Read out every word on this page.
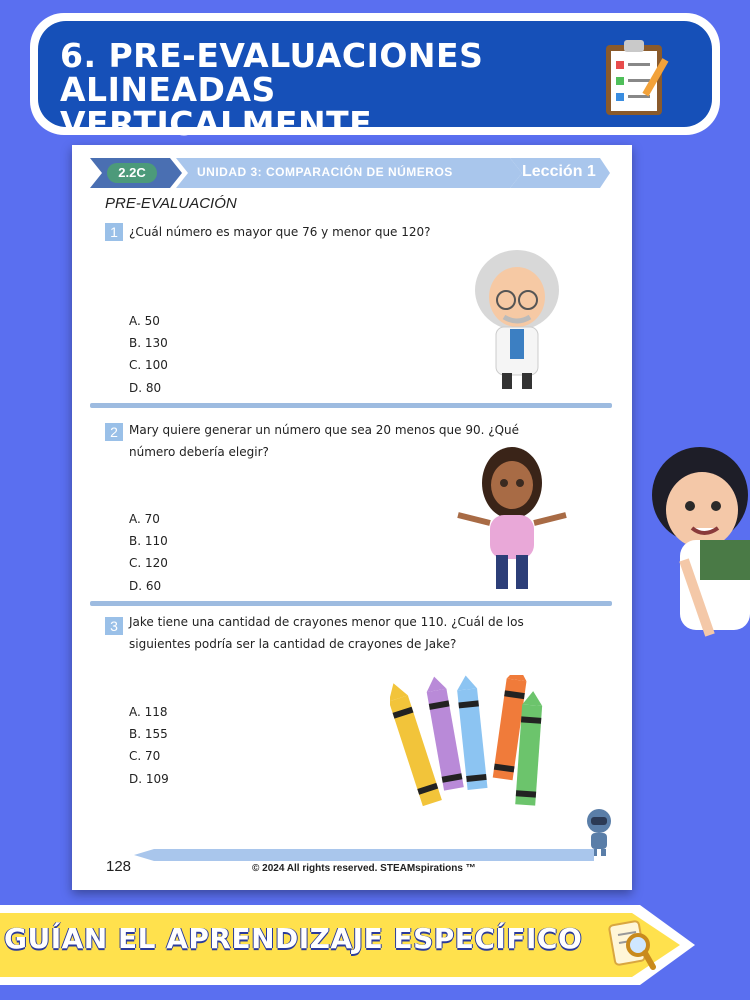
6. PRE-EVALUACIONES ALINEADAS VERTICALMENTE
2.2C	UNIDAD 3: COMPARACIÓN DE NÚMEROS	Lección 1
PRE-EVALUACIÓN
1 ¿Cuál número es mayor que 76 y menor que 120?
A. 50
B. 130
C. 100
D. 80
2 Mary quiere generar un número que sea 20 menos que 90. ¿Qué número debería elegir?
A. 70
B. 110
C. 120
D. 60
3 Jake tiene una cantidad de crayones menor que 110. ¿Cuál de los siguientes podría ser la cantidad de crayones de Jake?
A. 118
B. 155
C. 70
D. 109
128	© 2024 All rights reserved. STEAMspirations ™
GUÍAN EL APRENDIZAJE ESPECÍFICO
